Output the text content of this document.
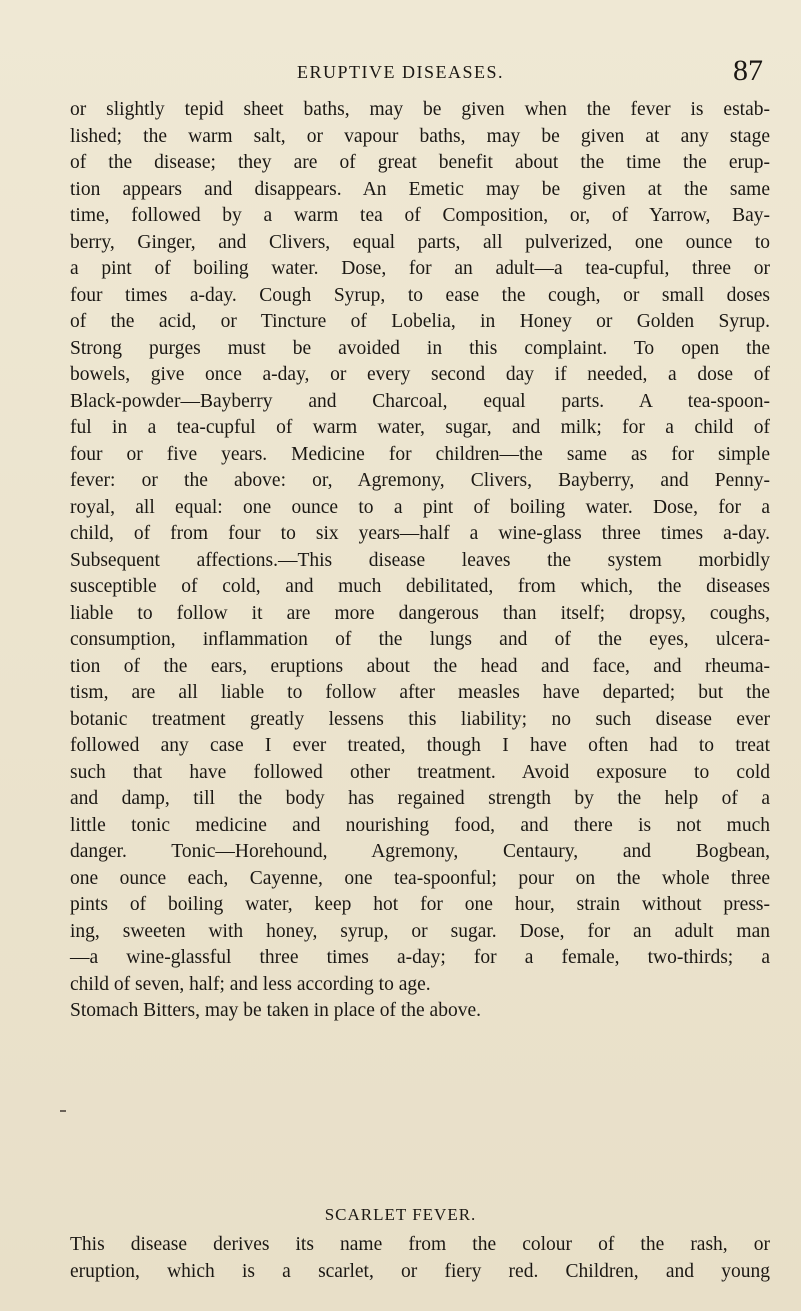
ERUPTIVE DISEASES.	87
or slightly tepid sheet baths, may be given when the fever is estab-
lished; the warm salt, or vapour baths, may be given at any stage
of the disease; they are of great benefit about the time the erup-
tion appears and disappears. An Emetic may be given at the same
time, followed by a warm tea of Composition, or, of Yarrow, Bay-
berry, Ginger, and Clivers, equal parts, all pulverized, one ounce to
a pint of boiling water. Dose, for an adult—a tea-cupful, three or
four times a-day. Cough Syrup, to ease the cough, or small doses
of the acid, or Tincture of Lobelia, in Honey or Golden Syrup.
Strong purges must be avoided in this complaint. To open the
bowels, give once a-day, or every second day if needed, a dose of
Black-powder—Bayberry and Charcoal, equal parts. A tea-spoon-
ful in a tea-cupful of warm water, sugar, and milk; for a child of
four or five years. Medicine for children—the same as for simple
fever: or the above: or, Agremony, Clivers, Bayberry, and Penny-
royal, all equal: one ounce to a pint of boiling water. Dose, for a
child, of from four to six years—half a wine-glass three times a-day.
Subsequent affections.—This disease leaves the system morbidly
susceptible of cold, and much debilitated, from which, the diseases
liable to follow it are more dangerous than itself; dropsy, coughs,
consumption, inflammation of the lungs and of the eyes, ulcera-
tion of the ears, eruptions about the head and face, and rheuma-
tism, are all liable to follow after measles have departed; but the
botanic treatment greatly lessens this liability; no such disease ever
followed any case I ever treated, though I have often had to treat
such that have followed other treatment. Avoid exposure to cold
and damp, till the body has regained strength by the help of a
little tonic medicine and nourishing food, and there is not much
danger. Tonic—Horehound, Agremony, Centaury, and Bogbean,
one ounce each, Cayenne, one tea-spoonful; pour on the whole three
pints of boiling water, keep hot for one hour, strain without press-
ing, sweeten with honey, syrup, or sugar. Dose, for an adult man
—a wine-glassful three times a-day; for a female, two-thirds; a
child of seven, half; and less according to age.
Stomach Bitters, may be taken in place of the above.
SCARLET FEVER.
This disease derives its name from the colour of the rash, or
eruption, which is a scarlet, or fiery red. Children, and young
